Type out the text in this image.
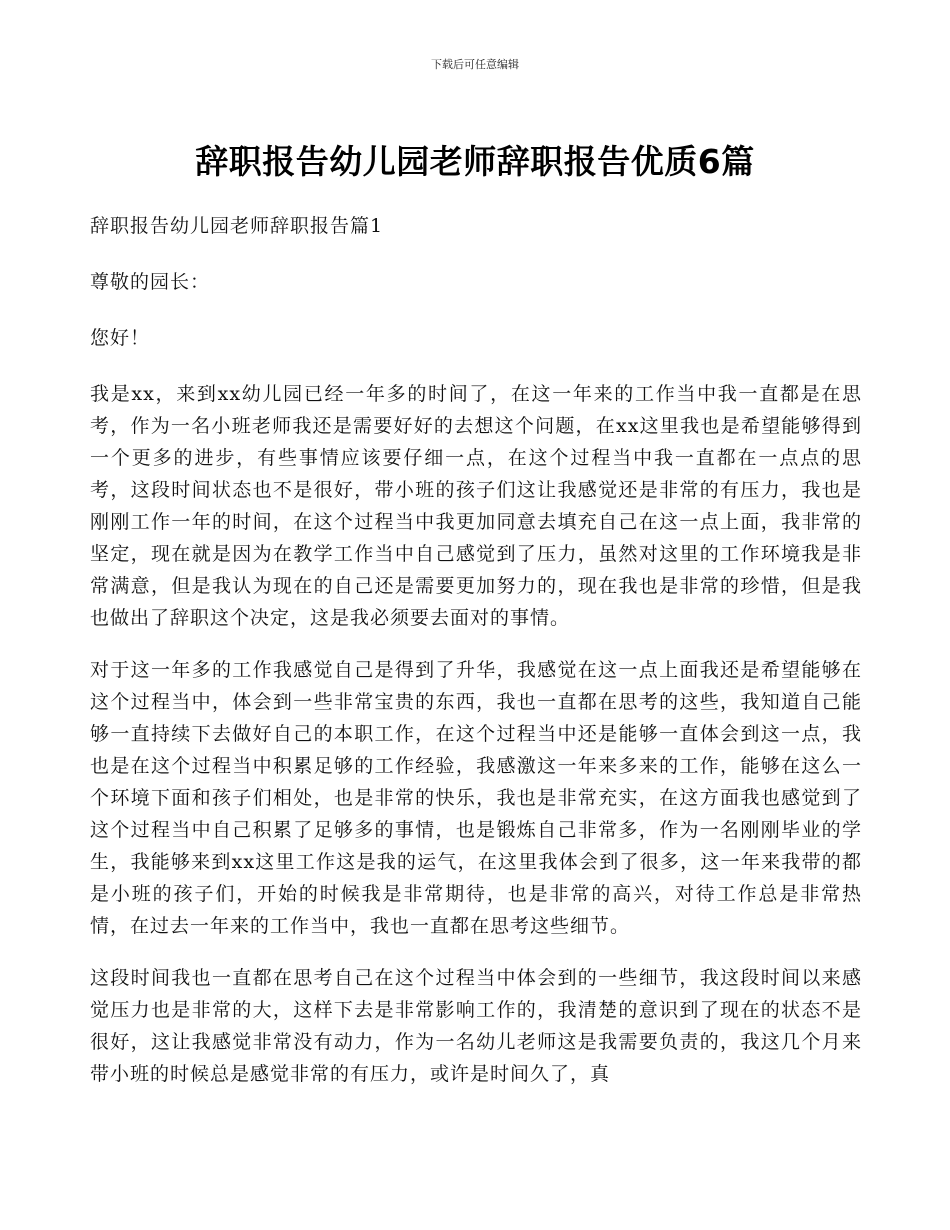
下载后可任意编辑
辞职报告幼儿园老师辞职报告优质6篇

辞职报告幼儿园老师辞职报告篇1

尊敬的园长：

您好！

我是xx，来到xx幼儿园已经一年多的时间了，在这一年来的工作当中我一直都是在思考，作为一名小班老师我还是需要好好的去想这个问题，在xx这里我也是希望能够得到一个更多的进步，有些事情应该要仔细一点，在这个过程当中我一直都在一点点的思考，这段时间状态也不是很好，带小班的孩子们这让我感觉还是非常的有压力，我也是刚刚工作一年的时间，在这个过程当中我更加同意去填充自己在这一点上面，我非常的坚定，现在就是因为在教学工作当中自己感觉到了压力，虽然对这里的工作环境我是非常满意，但是我认为现在的自己还是需要更加努力的，现在我也是非常的珍惜，但是我也做出了辞职这个决定，这是我必须要去面对的事情。

对于这一年多的工作我感觉自己是得到了升华，我感觉在这一点上面我还是希望能够在这个过程当中，体会到一些非常宝贵的东西，我也一直都在思考的这些，我知道自己能够一直持续下去做好自己的本职工作，在这个过程当中还是能够一直体会到这一点，我也是在这个过程当中积累足够的工作经验，我感激这一年来多来的工作，能够在这么一个环境下面和孩子们相处，也是非常的快乐，我也是非常充实，在这方面我也感觉到了这个过程当中自己积累了足够多的事情，也是锻炼自己非常多，作为一名刚刚毕业的学生，我能够来到xx这里工作这是我的运气，在这里我体会到了很多，这一年来我带的都是小班的孩子们，开始的时候我是非常期待，也是非常的高兴，对待工作总是非常热情，在过去一年来的工作当中，我也一直都在思考这些细节。

这段时间我也一直都在思考自己在这个过程当中体会到的一些细节，我这段时间以来感觉压力也是非常的大，这样下去是非常影响工作的，我清楚的意识到了现在的状态不是很好，这让我感觉非常没有动力，作为一名幼儿老师这是我需要负责的，我这几个月来带小班的时候总是感觉非常的有压力，或许是时间久了，真
